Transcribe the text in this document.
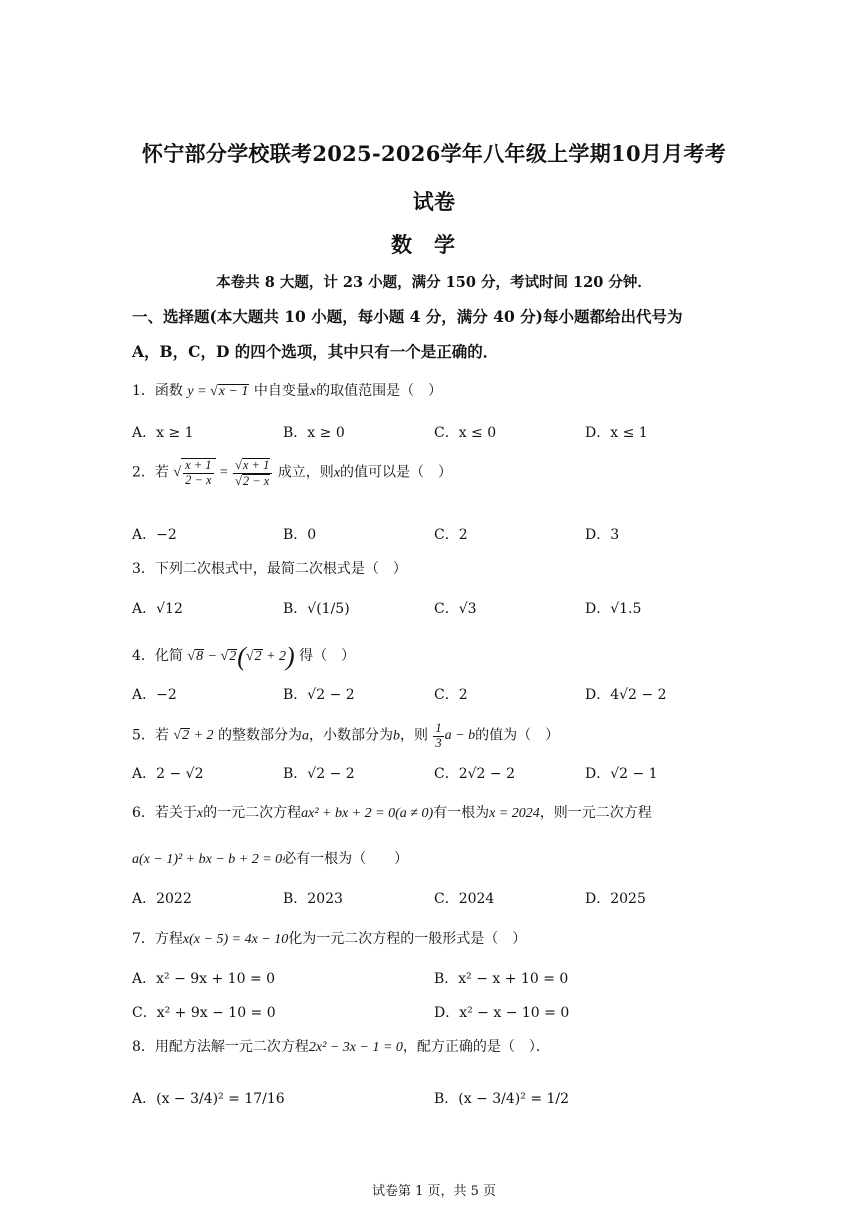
怀宁部分学校联考2025-2026学年八年级上学期10月月考考
试卷
数学
本卷共 8 大题，计 23 小题，满分 150 分，考试时间 120 分钟．
一、选择题(本大题共 10 小题，每小题 4 分，满分 40 分)每小题都给出代号为
A，B，C，D 的四个选项，其中只有一个是正确的．
1．函数 y = √x − 1 中自变量x的取值范围是（　）
A．x ≥ 1	B．x ≥ 0	C．x ≤ 0	D．x ≤ 1
2．若 √ $\frac{x + 1}{2 - x} = \frac{√x + 1}{√2 - x}$ 成立，则x的值可以是（　）
A．−2	B．0	C．2	D．3
3．下列二次根式中，最简二次根式是（　）
A．√12	B．√(1/5)	C．√3	D．√1.5
4．化简 √8 − √2(√2 + 2) 得（　）
A．−2	B．√2 − 2	C．2	D．4√2 − 2
5．若 √2 + 2 的整数部分为a，小数部分为b，则 $\frac{1}{3}$ a − b的值为（　）
A．2 − √2	B．√2 − 2	C．2√2 − 2	D．√2 − 1
6．若关于x的一元二次方程ax² + bx + 2 = 0(a ≠ 0)有一根为x = 2024，则一元二次方程
a(x − 1)² + bx − b + 2 = 0必有一根为（　　）
A．2022	B．2023	C．2024	D．2025
7．方程x(x − 5) = 4x − 10化为一元二次方程的一般形式是（　）
A．x² − 9x + 10 = 0	B．x² − x + 10 = 0
C．x² + 9x − 10 = 0	D．x² − x − 10 = 0
8．用配方法解一元二次方程2x² − 3x − 1 = 0，配方正确的是（　）．
A．(x − 3/4)² = 17/16	B．(x − 3/4)² = 1/2
试卷第 1 页，共 5 页
